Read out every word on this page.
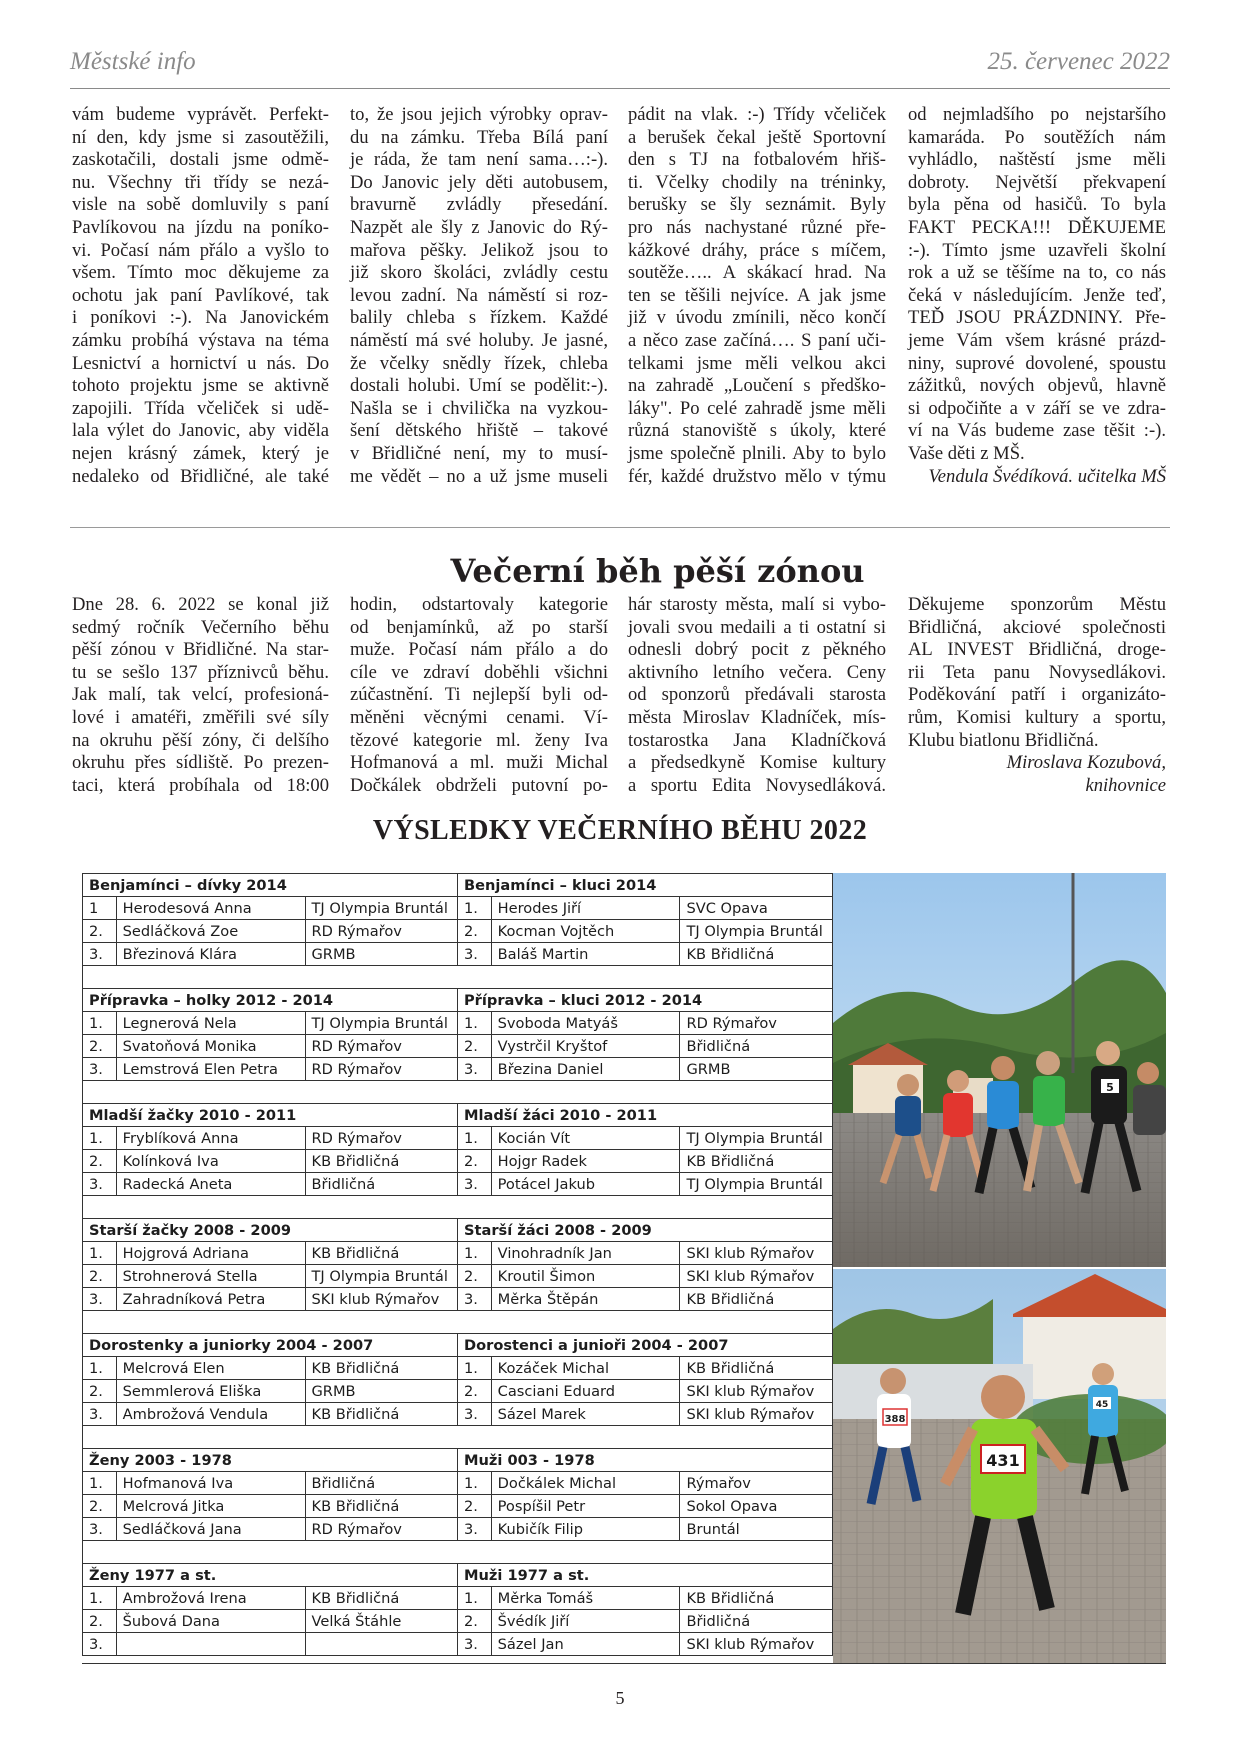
Městské info	25. červenec 2022
vám budeme vyprávět. Perfekt-
ní den, kdy jsme si zasoutěžili,
zaskotačili, dostali jsme odmě-
nu. Všechny tři třídy se nezá-
visle na sobě domluvily s paní
Pavlíkovou na jízdu na poníko-
vi. Počasí nám přálo a vyšlo to
všem. Tímto moc děkujeme za
ochotu jak paní Pavlíkové, tak
i poníkovi :-). Na Janovickém
zámku probíhá výstava na téma
Lesnictví a hornictví u nás. Do
tohoto projektu jsme se aktivně
zapojili. Třída včeliček si udě-
lala výlet do Janovic, aby viděla
nejen krásný zámek, který je
nedaleko od Břidličné, ale také
to, že jsou jejich výrobky oprav-
du na zámku. Třeba Bílá paní
je ráda, že tam není sama…:-).
Do Janovic jely děti autobusem,
bravurně zvládly přesedání.
Nazpět ale šly z Janovic do Rý-
mařova pěšky. Jelikož jsou to
již skoro školáci, zvládly cestu
levou zadní. Na náměstí si roz-
balily chleba s řízkem. Každé
náměstí má své holuby. Je jasné,
že včelky snědly řízek, chleba
dostali holubi. Umí se podělit:-).
Našla se i chvilička na vyzkou-
šení dětského hřiště – takové
v Břidličné není, my to musí-
me vědět – no a už jsme museli
pádit na vlak. :-) Třídy včeliček
a berušek čekal ještě Sportovní
den s TJ na fotbalovém hřiš-
ti. Včelky chodily na tréninky,
berušky se šly seznámit. Byly
pro nás nachystané různé pře-
kážkové dráhy, práce s míčem,
soutěže….. A skákací hrad. Na
ten se těšili nejvíce. A jak jsme
již v úvodu zmínili, něco končí
a něco zase začíná…. S paní uči-
telkami jsme měli velkou akci
na zahradě „Loučení s předško-
láky". Po celé zahradě jsme měli
různá stanoviště s úkoly, které
jsme společně plnili. Aby to bylo
fér, každé družstvo mělo v týmu
od nejmladšího po nejstaršího
kamaráda. Po soutěžích nám
vyhládlo, naštěstí jsme měli
dobroty. Největší překvapení
byla pěna od hasičů. To byla
FAKT PECKA!!! DĚKUJEME
:-). Tímto jsme uzavřeli školní
rok a už se těšíme na to, co nás
čeká v následujícím. Jenže teď,
TEĎ JSOU PRÁZDNINY. Pře-
jeme Vám všem krásné prázd-
niny, suprové dovolené, spoustu
zážitků, nových objevů, hlavně
si odpočiňte a v září se ve zdra-
ví na Vás budeme zase těšit :-).
Vaše děti z MŠ.
Vendula Švédíková. učitelka MŠ
Večerní běh pěší zónou
Dne 28. 6. 2022 se konal již
sedmý ročník Večerního běhu
pěší zónou v Břidličné. Na star-
tu se sešlo 137 příznivců běhu.
Jak malí, tak velcí, profesioná-
lové i amatéři, změřili své síly
na okruhu pěší zóny, či delšího
okruhu přes sídliště. Po prezen-
taci, která probíhala od 18:00
hodin, odstartovaly kategorie
od benjamínků, až po starší
muže. Počasí nám přálo a do
cíle ve zdraví doběhli všichni
zúčastnění. Ti nejlepší byli od-
měněni věcnými cenami. Ví-
tězové kategorie ml. ženy Iva
Hofmanová a ml. muži Michal
Dočkálek obdrželi putovní po-
hár starosty města, malí si vybo-
jovali svou medaili a ti ostatní si
odnesli dobrý pocit z pěkného
aktivního letního večera. Ceny
od sponzorů předávali starosta
města Miroslav Kladníček, mís-
tostarostka Jana Kladníčková
a předsedkyně Komise kultury
a sportu Edita Novysedláková.
Děkujeme sponzorům Městu
Břidličná, akciové společnosti
AL INVEST Břidličná, droge-
rii Teta panu Novysedlákovi.
Poděkování patří i organizáto-
rům, Komisi kultury a sportu,
Klubu biatlonu Břidličná.
Miroslava Kozubová,
knihovnice
VÝSLEDKY VEČERNÍHO BĚHU 2022
Benjamínci – dívky 2014			Benjamínci – kluci 2014		
1	Herodesová Anna	TJ Olympia Bruntál	1.	Herodes Jiří	SVC Opava
2.	Sedláčková Zoe	RD Rýmařov	2.	Kocman Vojtěch	TJ Olympia Bruntál
3.	Březinová Klára	GRMB	3.	Baláš Martin	KB Břidličná

Přípravka – holky 2012 - 2014			Přípravka – kluci 2012 - 2014		
1.	Legnerová Nela	TJ Olympia Bruntál	1.	Svoboda Matyáš	RD Rýmařov
2.	Svatoňová Monika	RD Rýmařov	2.	Vystrčil Kryštof	Břidličná
3.	Lemstrová Elen Petra	RD Rýmařov	3.	Březina Daniel	GRMB

Mladší žačky 2010 - 2011			Mladší žáci 2010 - 2011		
1.	Fryblíková Anna	RD Rýmařov	1.	Kocián Vít	TJ Olympia Bruntál
2.	Kolínková Iva	KB Břidličná	2.	Hojgr Radek	KB Břidličná
3.	Radecká Aneta	Břidličná	3.	Potácel Jakub	TJ Olympia Bruntál

Starší žačky 2008 - 2009			Starší žáci 2008 - 2009		
1.	Hojgrová Adriana	KB Břidličná	1.	Vinohradník Jan	SKI klub Rýmařov
2.	Strohnerová Stella	TJ Olympia Bruntál	2.	Kroutil Šimon	SKI klub Rýmařov
3.	Zahradníková Petra	SKI klub Rýmařov	3.	Měrka Štěpán	KB Břidličná

Dorostenky a juniorky 2004 - 2007			Dorostenci a junioři 2004 - 2007		
1.	Melcrová Elen	KB Břidličná	1.	Kozáček Michal	KB Břidličná
2.	Semmlerová Eliška	GRMB	2.	Casciani Eduard	SKI klub Rýmařov
3.	Ambrožová Vendula	KB Břidličná	3.	Sázel Marek	SKI klub Rýmařov

Ženy 2003 - 1978			Muži 003 - 1978		
1.	Hofmanová Iva	Břidličná	1.	Dočkálek Michal	Rýmařov
2.	Melcrová Jitka	KB Břidličná	2.	Pospíšil Petr	Sokol Opava
3.	Sedláčková Jana	RD Rýmařov	3.	Kubičík Filip	Bruntál

Ženy 1977 a st.			Muži 1977 a st.		
1.	Ambrožová Irena	KB Břidličná	1.	Měrka Tomáš	KB Břidličná
2.	Šubová Dana	Velká Štáhle	2.	Švédík Jiří	Břidličná
3.			3.	Sázel Jan	SKI klub Rýmařov
5
388
45
431
5
